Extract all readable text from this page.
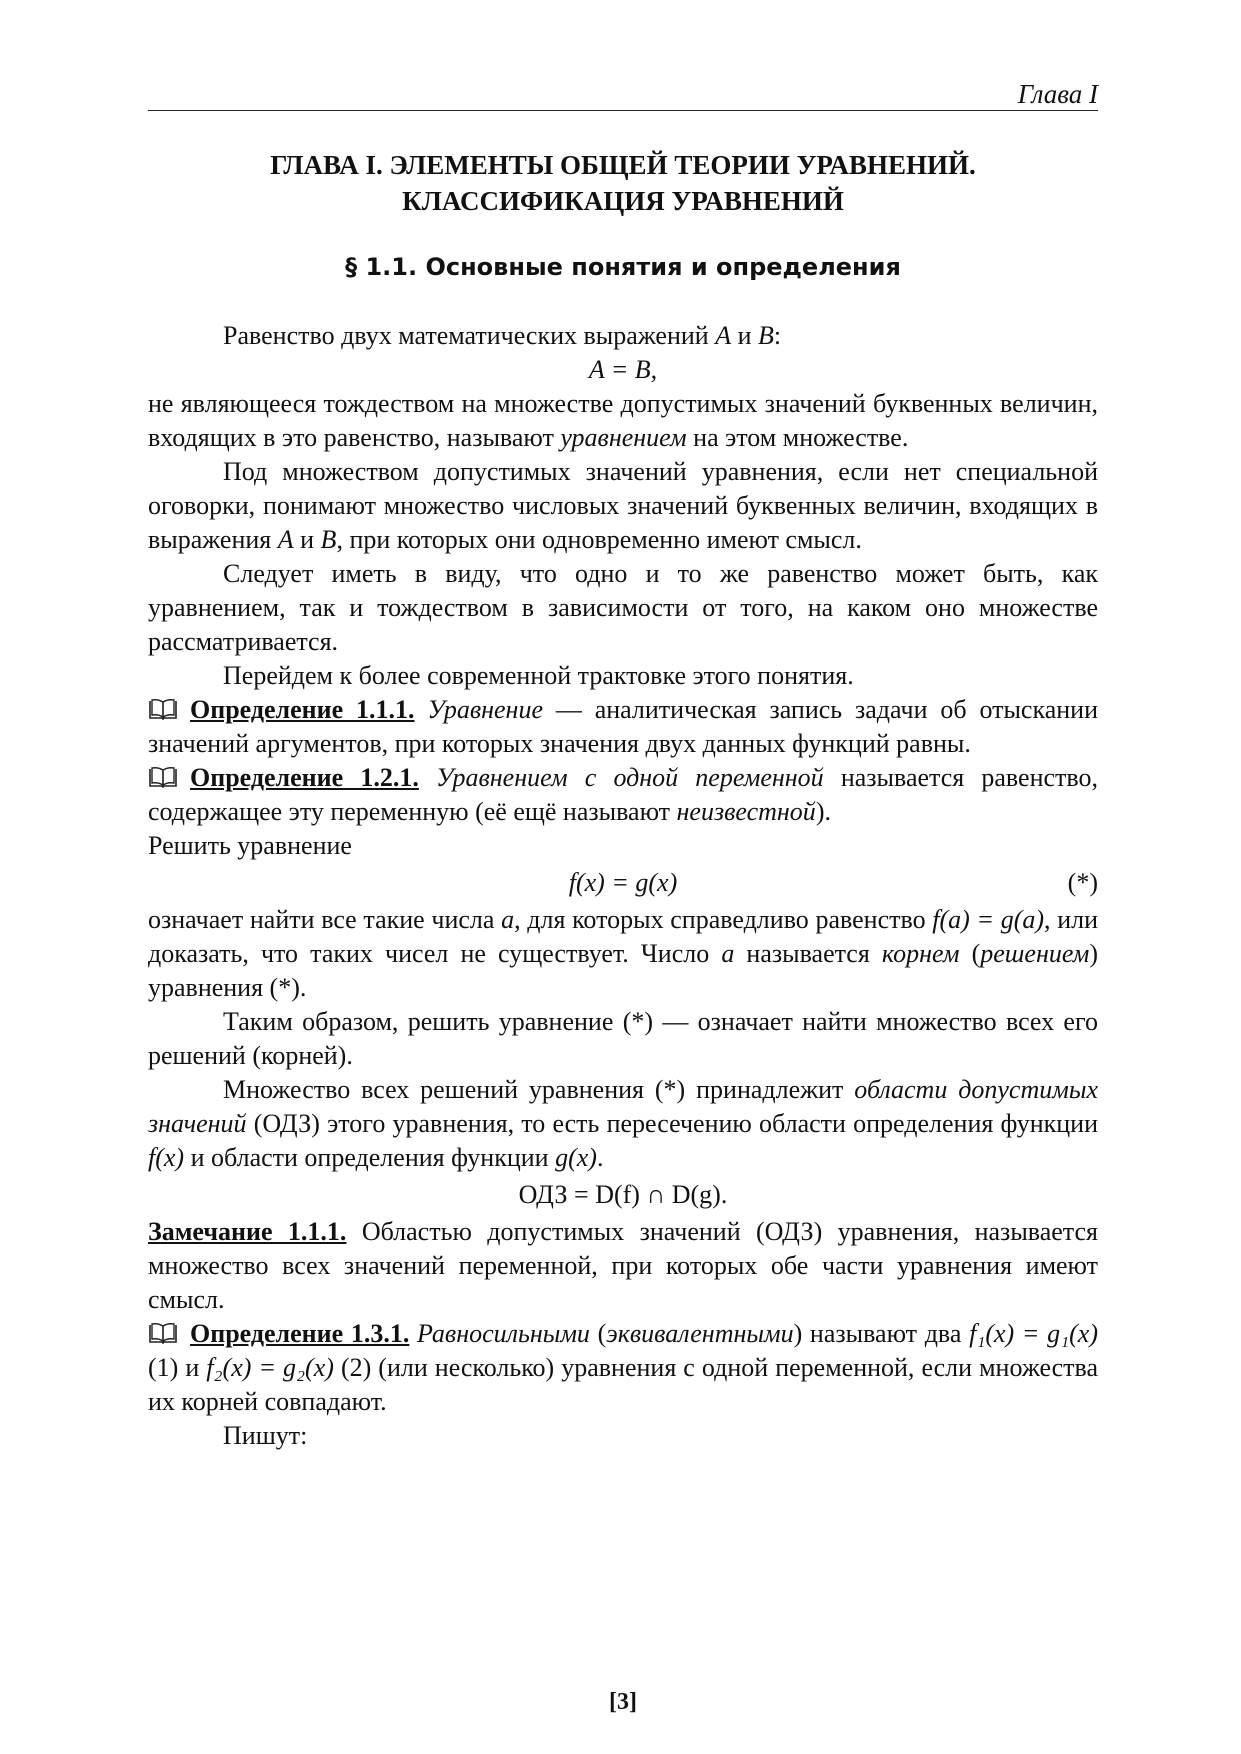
Глава I
ГЛАВА I. ЭЛЕМЕНТЫ ОБЩЕЙ ТЕОРИИ УРАВНЕНИЙ.
КЛАССИФИКАЦИЯ УРАВНЕНИЙ
§ 1.1. Основные понятия и определения

Равенство двух математических выражений A и B:

A = B,

не являющееся тождеством на множестве допустимых значений буквенных величин, входящих в это равенство, называют уравнением на этом множестве.

Под множеством допустимых значений уравнения, если нет специальной оговорки, понимают множество числовых значений буквенных величин, входящих в выражения A и B, при которых они одновременно имеют смысл.

Следует иметь в виду, что одно и то же равенство может быть, как уравнением, так и тождеством в зависимости от того, на каком оно множестве рассматривается.

Перейдем к более современной трактовке этого понятия.

Определение 1.1.1. Уравнение — аналитическая запись задачи об отыскании значений аргументов, при которых значения двух данных функций равны.

Определение 1.2.1. Уравнением с одной переменной называется равенство, содержащее эту переменную (её ещё называют неизвестной).

Решить уравнение

f(x) = g(x)	(*)

означает найти все такие числа a, для которых справедливо равенство f(a) = g(a), или доказать, что таких чисел не существует. Число a называется корнем (решением) уравнения (*).

Таким образом, решить уравнение (*) — означает найти множество всех его решений (корней).

Множество всех решений уравнения (*) принадлежит области допустимых значений (ОДЗ) этого уравнения, то есть пересечению области определения функции f(x) и области определения функции g(x).

ОДЗ = D(f) ∩ D(g).

Замечание 1.1.1. Областью допустимых значений (ОДЗ) уравнения, называется множество всех значений переменной, при которых обе части уравнения имеют смысл.

Определение 1.3.1. Равносильными (эквивалентными) называют два f₁(x) = g₁(x) (1) и f₂(x) = g₂(x) (2) (или несколько) уравнения с одной переменной, если множества их корней совпадают.

Пишут:

[3]
